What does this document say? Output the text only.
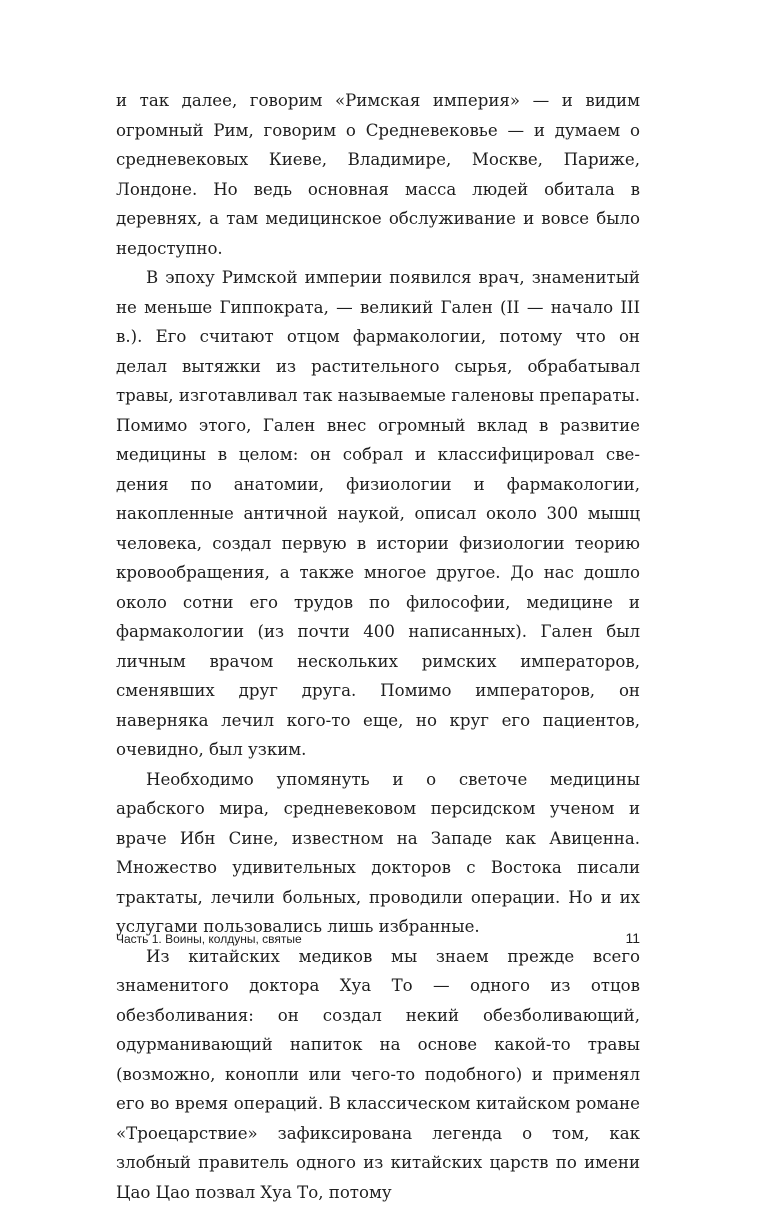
и так далее, говорим «Римская империя» — и видим огромный Рим, говорим о Средневековье — и думаем о средневековых Киеве, Владимире, Москве, Париже, Лондоне. Но ведь основная масса людей обитала в деревнях, а там медицинское обслуживание и вовсе было недоступно.

В эпоху Римской империи появился врач, знаменитый не меньше Гиппократа, — великий Гален (II — начало III в.). Его считают отцом фармакологии, потому что он делал вытяжки из растительного сырья, обрабатывал травы, изготавливал так называемые галеновы препараты. Помимо этого, Гален внес огромный вклад в развитие медицины в целом: он собрал и классифицировал сведения по анатомии, физиологии и фармакологии, накопленные античной наукой, описал около 300 мышц человека, создал первую в истории физиологии теорию кровообращения, а также многое другое. До нас дошло около сотни его трудов по философии, медицине и фармакологии (из почти 400 написанных). Гален был личным врачом нескольких римских императоров, сменявших друг друга. Помимо императоров, он наверняка лечил кого-то еще, но круг его пациентов, очевидно, был узким.

Необходимо упомянуть и о светоче медицины арабского мира, средневековом персидском ученом и враче Ибн Сине, известном на Западе как Авиценна. Множество удивительных докторов с Востока писали трактаты, лечили больных, проводили операции. Но и их услугами пользовались лишь избранные.

Из китайских медиков мы знаем прежде всего знаменитого доктора Хуа То — одного из отцов обезболивания: он создал некий обезболивающий, одурманивающий напиток на основе какой-то травы (возможно, конопли или чего-то подобного) и применял его во время операций. В классическом китайском романе «Троецарствие» зафиксирована легенда о том, как злобный правитель одного из китайских царств по имени Цао Цао позвал Хуа То, потому

Часть 1. Воины, колдуны, святые	11
